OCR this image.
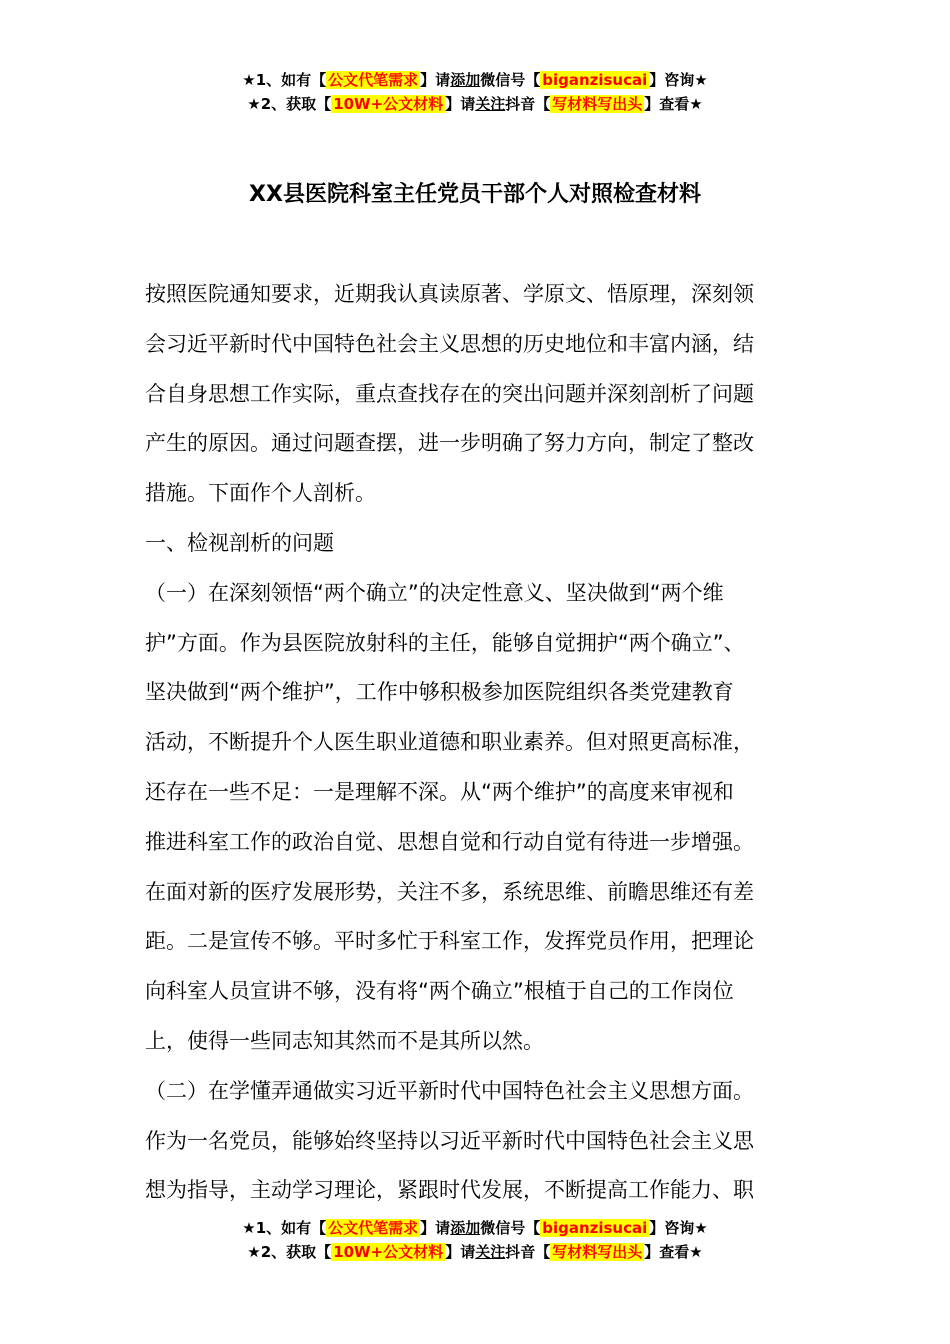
★1、如有【 公文代笔需求 】请添加微信号【 biganzisucai 】咨询★
★2、获取【 10W+公文材料 】请关注抖音【 写材料写出头 】查看★
XX县医院科室主任党员干部个人对照检查材料
按照医院通知要求，近期我认真读原著、学原文、悟原理，深刻领
会习近平新时代中国特色社会主义思想的历史地位和丰富内涵，结
合自身思想工作实际，重点查找存在的突出问题并深刻剖析了问题
产生的原因。通过问题查摆，进一步明确了努力方向，制定了整改
措施。下面作个人剖析。
一、检视剖析的问题
（一）在深刻领悟“两个确立”的决定性意义、坚决做到“两个维
护”方面。作为县医院放射科的主任，能够自觉拥护“两个确立”、
坚决做到“两个维护”，工作中够积极参加医院组织各类党建教育
活动，不断提升个人医生职业道德和职业素养。但对照更高标准，
还存在一些不足：一是理解不深。从“两个维护”的高度来审视和
推进科室工作的政治自觉、思想自觉和行动自觉有待进一步增强。
在面对新的医疗发展形势，关注不多，系统思维、前瞻思维还有差
距。二是宣传不够。平时多忙于科室工作，发挥党员作用，把理论
向科室人员宣讲不够，没有将“两个确立”根植于自己的工作岗位
上，使得一些同志知其然而不是其所以然。
（二）在学懂弄通做实习近平新时代中国特色社会主义思想方面。
作为一名党员，能够始终坚持以习近平新时代中国特色社会主义思
想为指导，主动学习理论，紧跟时代发展，不断提高工作能力、职
★1、如有【 公文代笔需求 】请添加微信号【 biganzisucai 】咨询★
★2、获取【 10W+公文材料 】请关注抖音【 写材料写出头 】查看★
